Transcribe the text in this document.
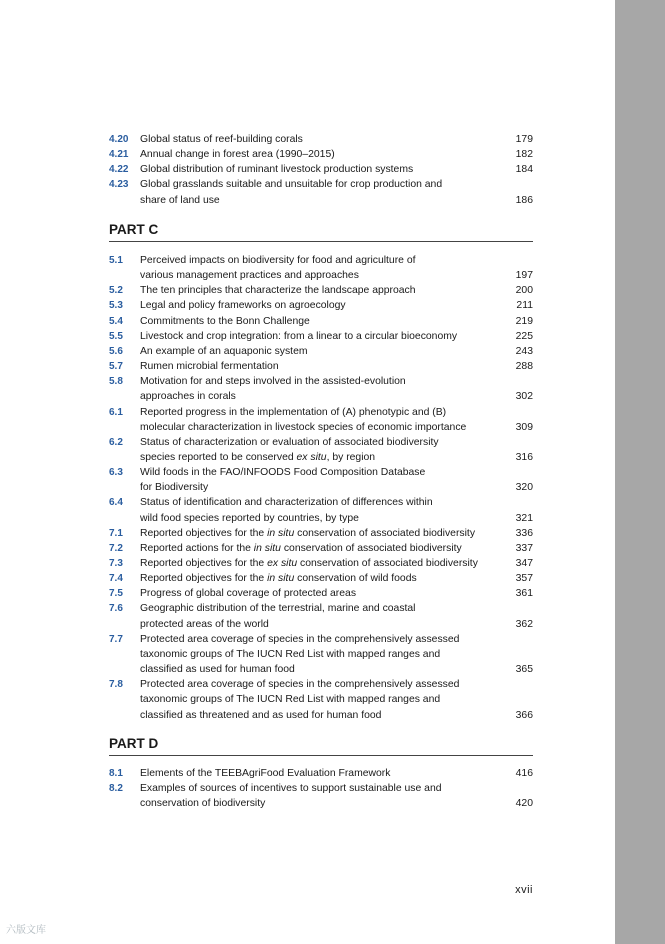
4.20 Global status of reef-building corals	179
4.21 Annual change in forest area (1990–2015)	182
4.22 Global distribution of ruminant livestock production systems	184
4.23 Global grasslands suitable and unsuitable for crop production and
share of land use	186
PART C
5.1 Perceived impacts on biodiversity for food and agriculture of
various management practices and approaches	197
5.2 The ten principles that characterize the landscape approach	200
5.3 Legal and policy frameworks on agroecology	211
5.4 Commitments to the Bonn Challenge	219
5.5 Livestock and crop integration: from a linear to a circular bioeconomy	225
5.6 An example of an aquaponic system	243
5.7 Rumen microbial fermentation	288
5.8 Motivation for and steps involved in the assisted-evolution
approaches in corals	302
6.1 Reported progress in the implementation of (A) phenotypic and (B)
molecular characterization in livestock species of economic importance	309
6.2 Status of characterization or evaluation of associated biodiversity
species reported to be conserved ex situ, by region	316
6.3 Wild foods in the FAO/INFOODS Food Composition Database
for Biodiversity	320
6.4 Status of identification and characterization of differences within
wild food species reported by countries, by type	321
7.1 Reported objectives for the in situ conservation of associated biodiversity	336
7.2 Reported actions for the in situ conservation of associated biodiversity	337
7.3 Reported objectives for the ex situ conservation of associated biodiversity	347
7.4 Reported objectives for the in situ conservation of wild foods	357
7.5 Progress of global coverage of protected areas	361
7.6 Geographic distribution of the terrestrial, marine and coastal
protected areas of the world	362
7.7 Protected area coverage of species in the comprehensively assessed
taxonomic groups of The IUCN Red List with mapped ranges and
classified as used for human food	365
7.8 Protected area coverage of species in the comprehensively assessed
taxonomic groups of The IUCN Red List with mapped ranges and
classified as threatened and as used for human food	366
PART D
8.1 Elements of the TEEBAgriFood Evaluation Framework	416
8.2 Examples of sources of incentives to support sustainable use and
conservation of biodiversity	420
xvii
六版文库
